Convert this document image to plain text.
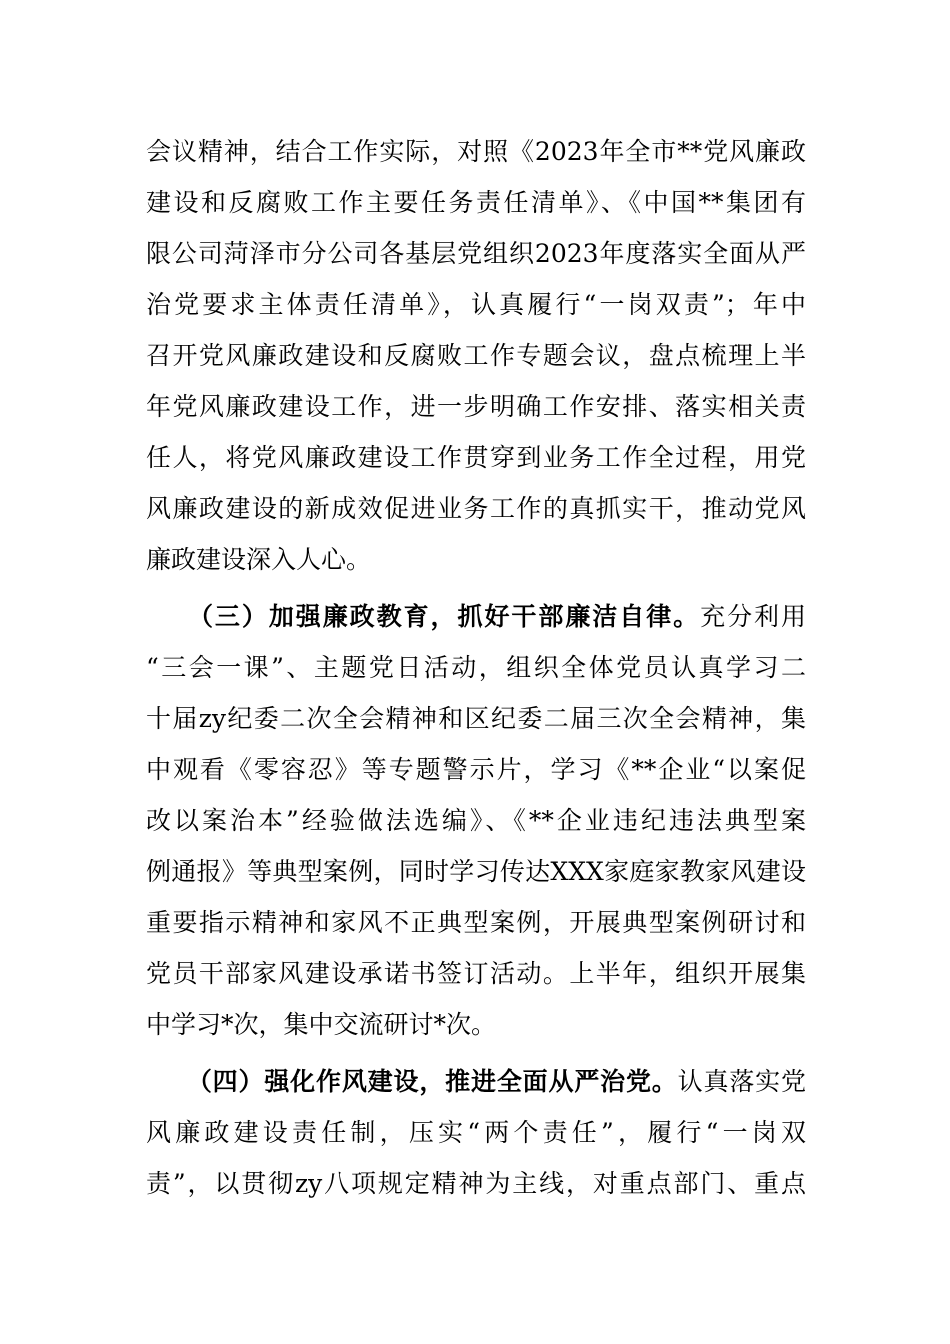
会议精神，结合工作实际，对照《2023年全市**党风廉政
建设和反腐败工作主要任务责任清单》、《中国**集团有
限公司菏泽市分公司各基层党组织2023年度落实全面从严
治党要求主体责任清单》，认真履行“一岗双责”；年中
召开党风廉政建设和反腐败工作专题会议，盘点梳理上半
年党风廉政建设工作，进一步明确工作安排、落实相关责
任人，将党风廉政建设工作贯穿到业务工作全过程，用党
风廉政建设的新成效促进业务工作的真抓实干，推动党风
廉政建设深入人心。
（三）加强廉政教育，抓好干部廉洁自律。充分利用
“三会一课”、主题党日活动，组织全体党员认真学习二
十届zy纪委二次全会精神和区纪委二届三次全会精神，集
中观看《零容忍》等专题警示片，学习《**企业“以案促
改以案治本”经验做法选编》、《**企业违纪违法典型案
例通报》等典型案例，同时学习传达XXX家庭家教家风建设
重要指示精神和家风不正典型案例，开展典型案例研讨和
党员干部家风建设承诺书签订活动。上半年，组织开展集
中学习*次，集中交流研讨*次。
（四）强化作风建设，推进全面从严治党。认真落实党
风廉政建设责任制，压实“两个责任”，履行“一岗双
责”，以贯彻zy八项规定精神为主线，对重点部门、重点
